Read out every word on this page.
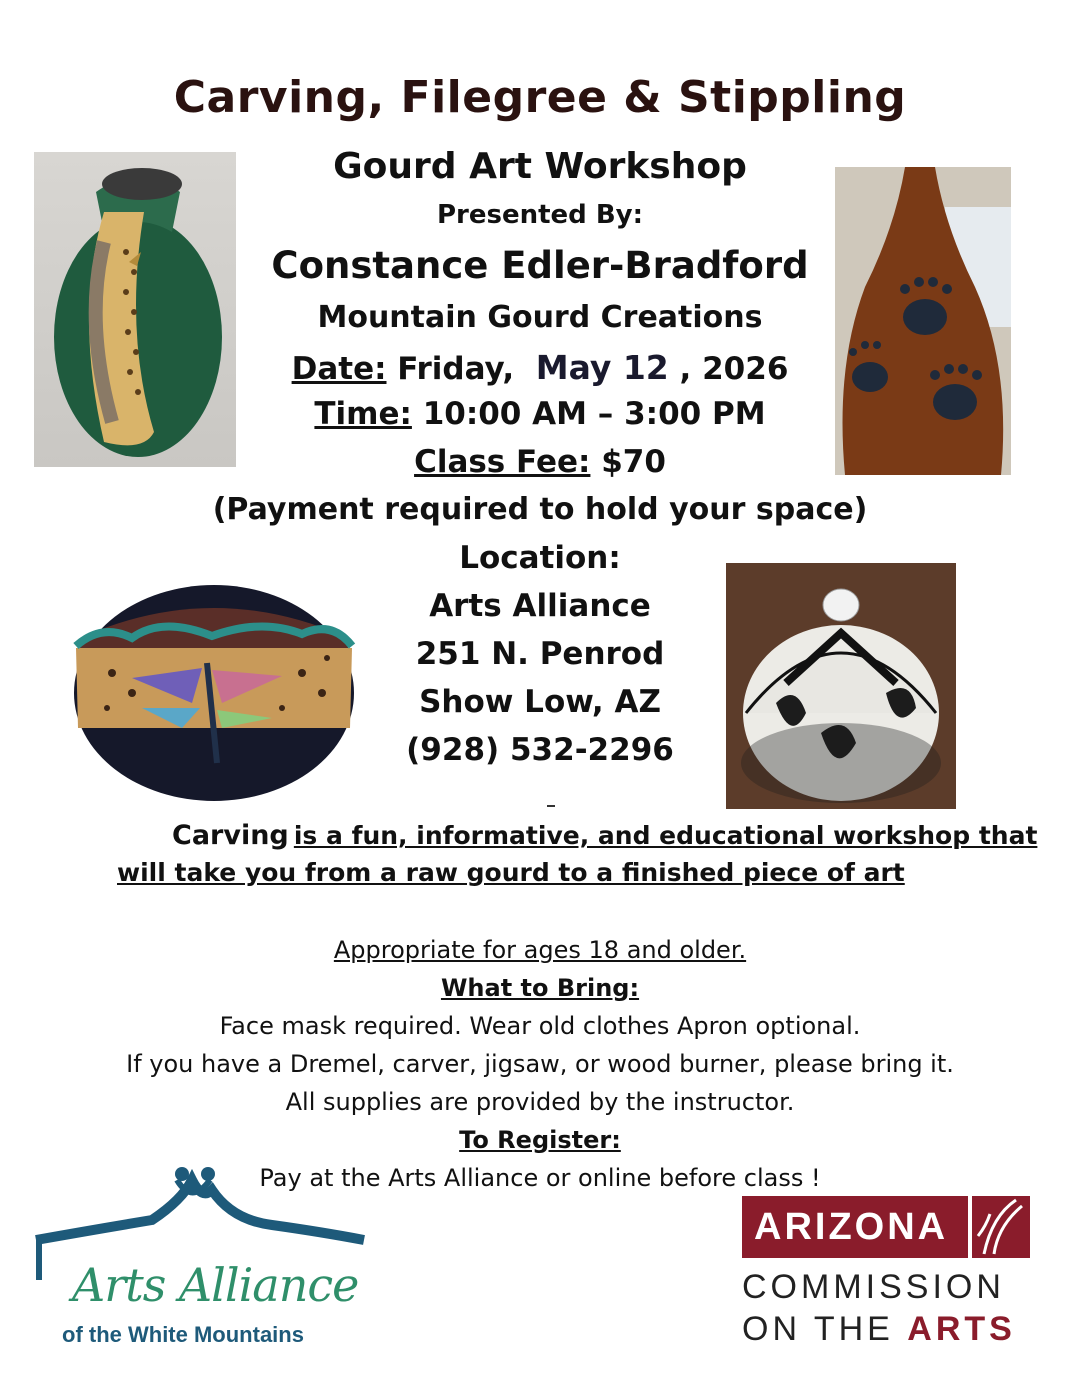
Carving, Filegree & Stippling
Gourd Art Workshop
Presented By:
Constance Edler-Bradford
Mountain Gourd Creations
Date: Friday, May 12 , 2026
Time: 10:00 AM – 3:00 PM
Class Fee: $70
(Payment required to hold your space)
Location:
Arts Alliance
251 N. Penrod
Show Low, AZ
(928) 532-2296
Carving is a fun, informative, and educational workshop that
will take you from a raw gourd to a finished piece of art
Appropriate for ages 18 and older.
What to Bring:
Face mask required. Wear old clothes Apron optional.
If you have a Dremel, carver, jigsaw, or wood burner, please bring it.
All supplies are provided by the instructor.
To Register:
Pay at the Arts Alliance or online before class !
Arts Alliance
of the White Mountains
ARIZONA
COMMISSION
ON THE ARTS
